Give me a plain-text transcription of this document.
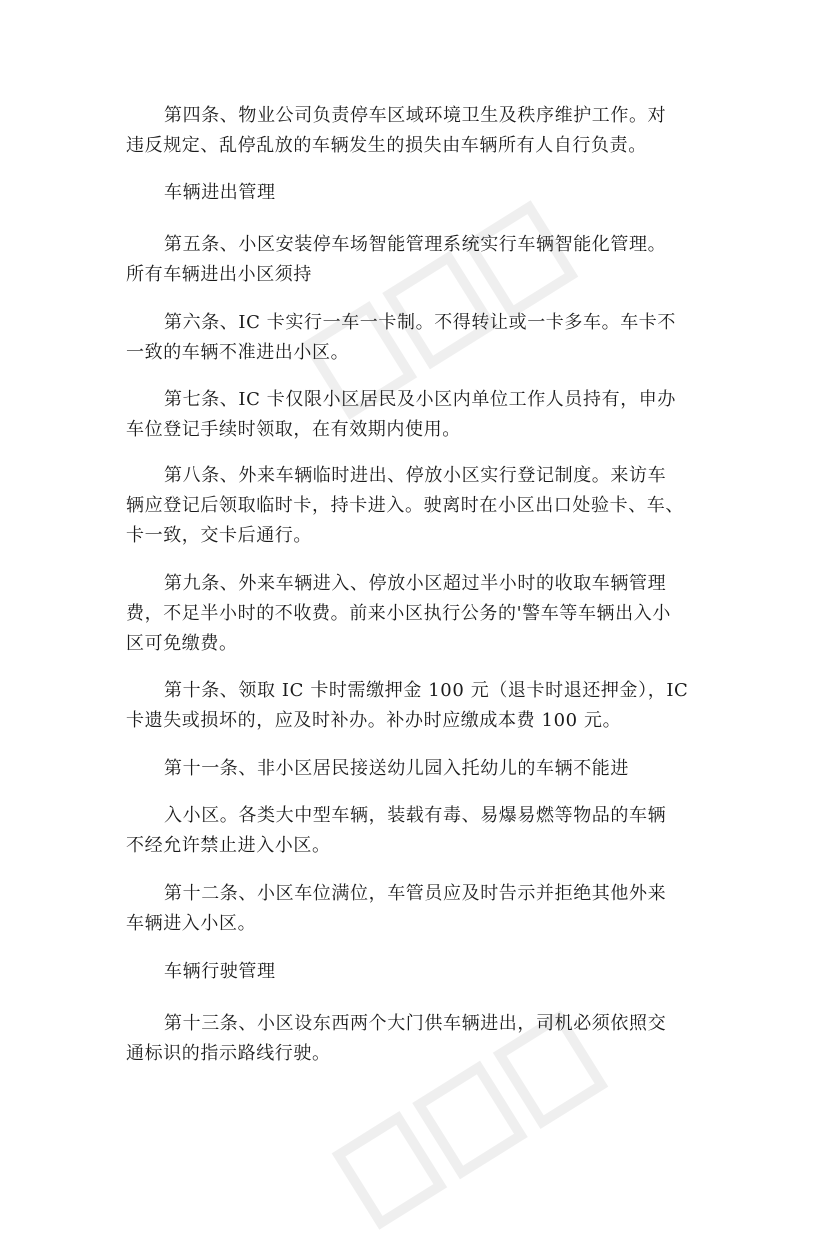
第四条、物业公司负责停车区域环境卫生及秩序维护工作。对
违反规定、乱停乱放的车辆发生的损失由车辆所有人自行负责。
车辆进出管理
第五条、小区安装停车场智能管理系统实行车辆智能化管理。
所有车辆进出小区须持
第六条、IC 卡实行一车一卡制。不得转让或一卡多车。车卡不
一致的车辆不准进出小区。
第七条、IC 卡仅限小区居民及小区内单位工作人员持有，申办
车位登记手续时领取，在有效期内使用。
第八条、外来车辆临时进出、停放小区实行登记制度。来访车
辆应登记后领取临时卡，持卡进入。驶离时在小区出口处验卡、车、
卡一致，交卡后通行。
第九条、外来车辆进入、停放小区超过半小时的收取车辆管理
费，不足半小时的不收费。前来小区执行公务的'警车等车辆出入小
区可免缴费。
第十条、领取 IC 卡时需缴押金 100 元（退卡时退还押金），IC
卡遗失或损坏的，应及时补办。补办时应缴成本费 100 元。
第十一条、非小区居民接送幼儿园入托幼儿的车辆不能进
入小区。各类大中型车辆，装载有毒、易爆易燃等物品的车辆
不经允许禁止进入小区。
第十二条、小区车位满位，车管员应及时告示并拒绝其他外来
车辆进入小区。
车辆行驶管理
第十三条、小区设东西两个大门供车辆进出，司机必须依照交
通标识的指示路线行驶。
